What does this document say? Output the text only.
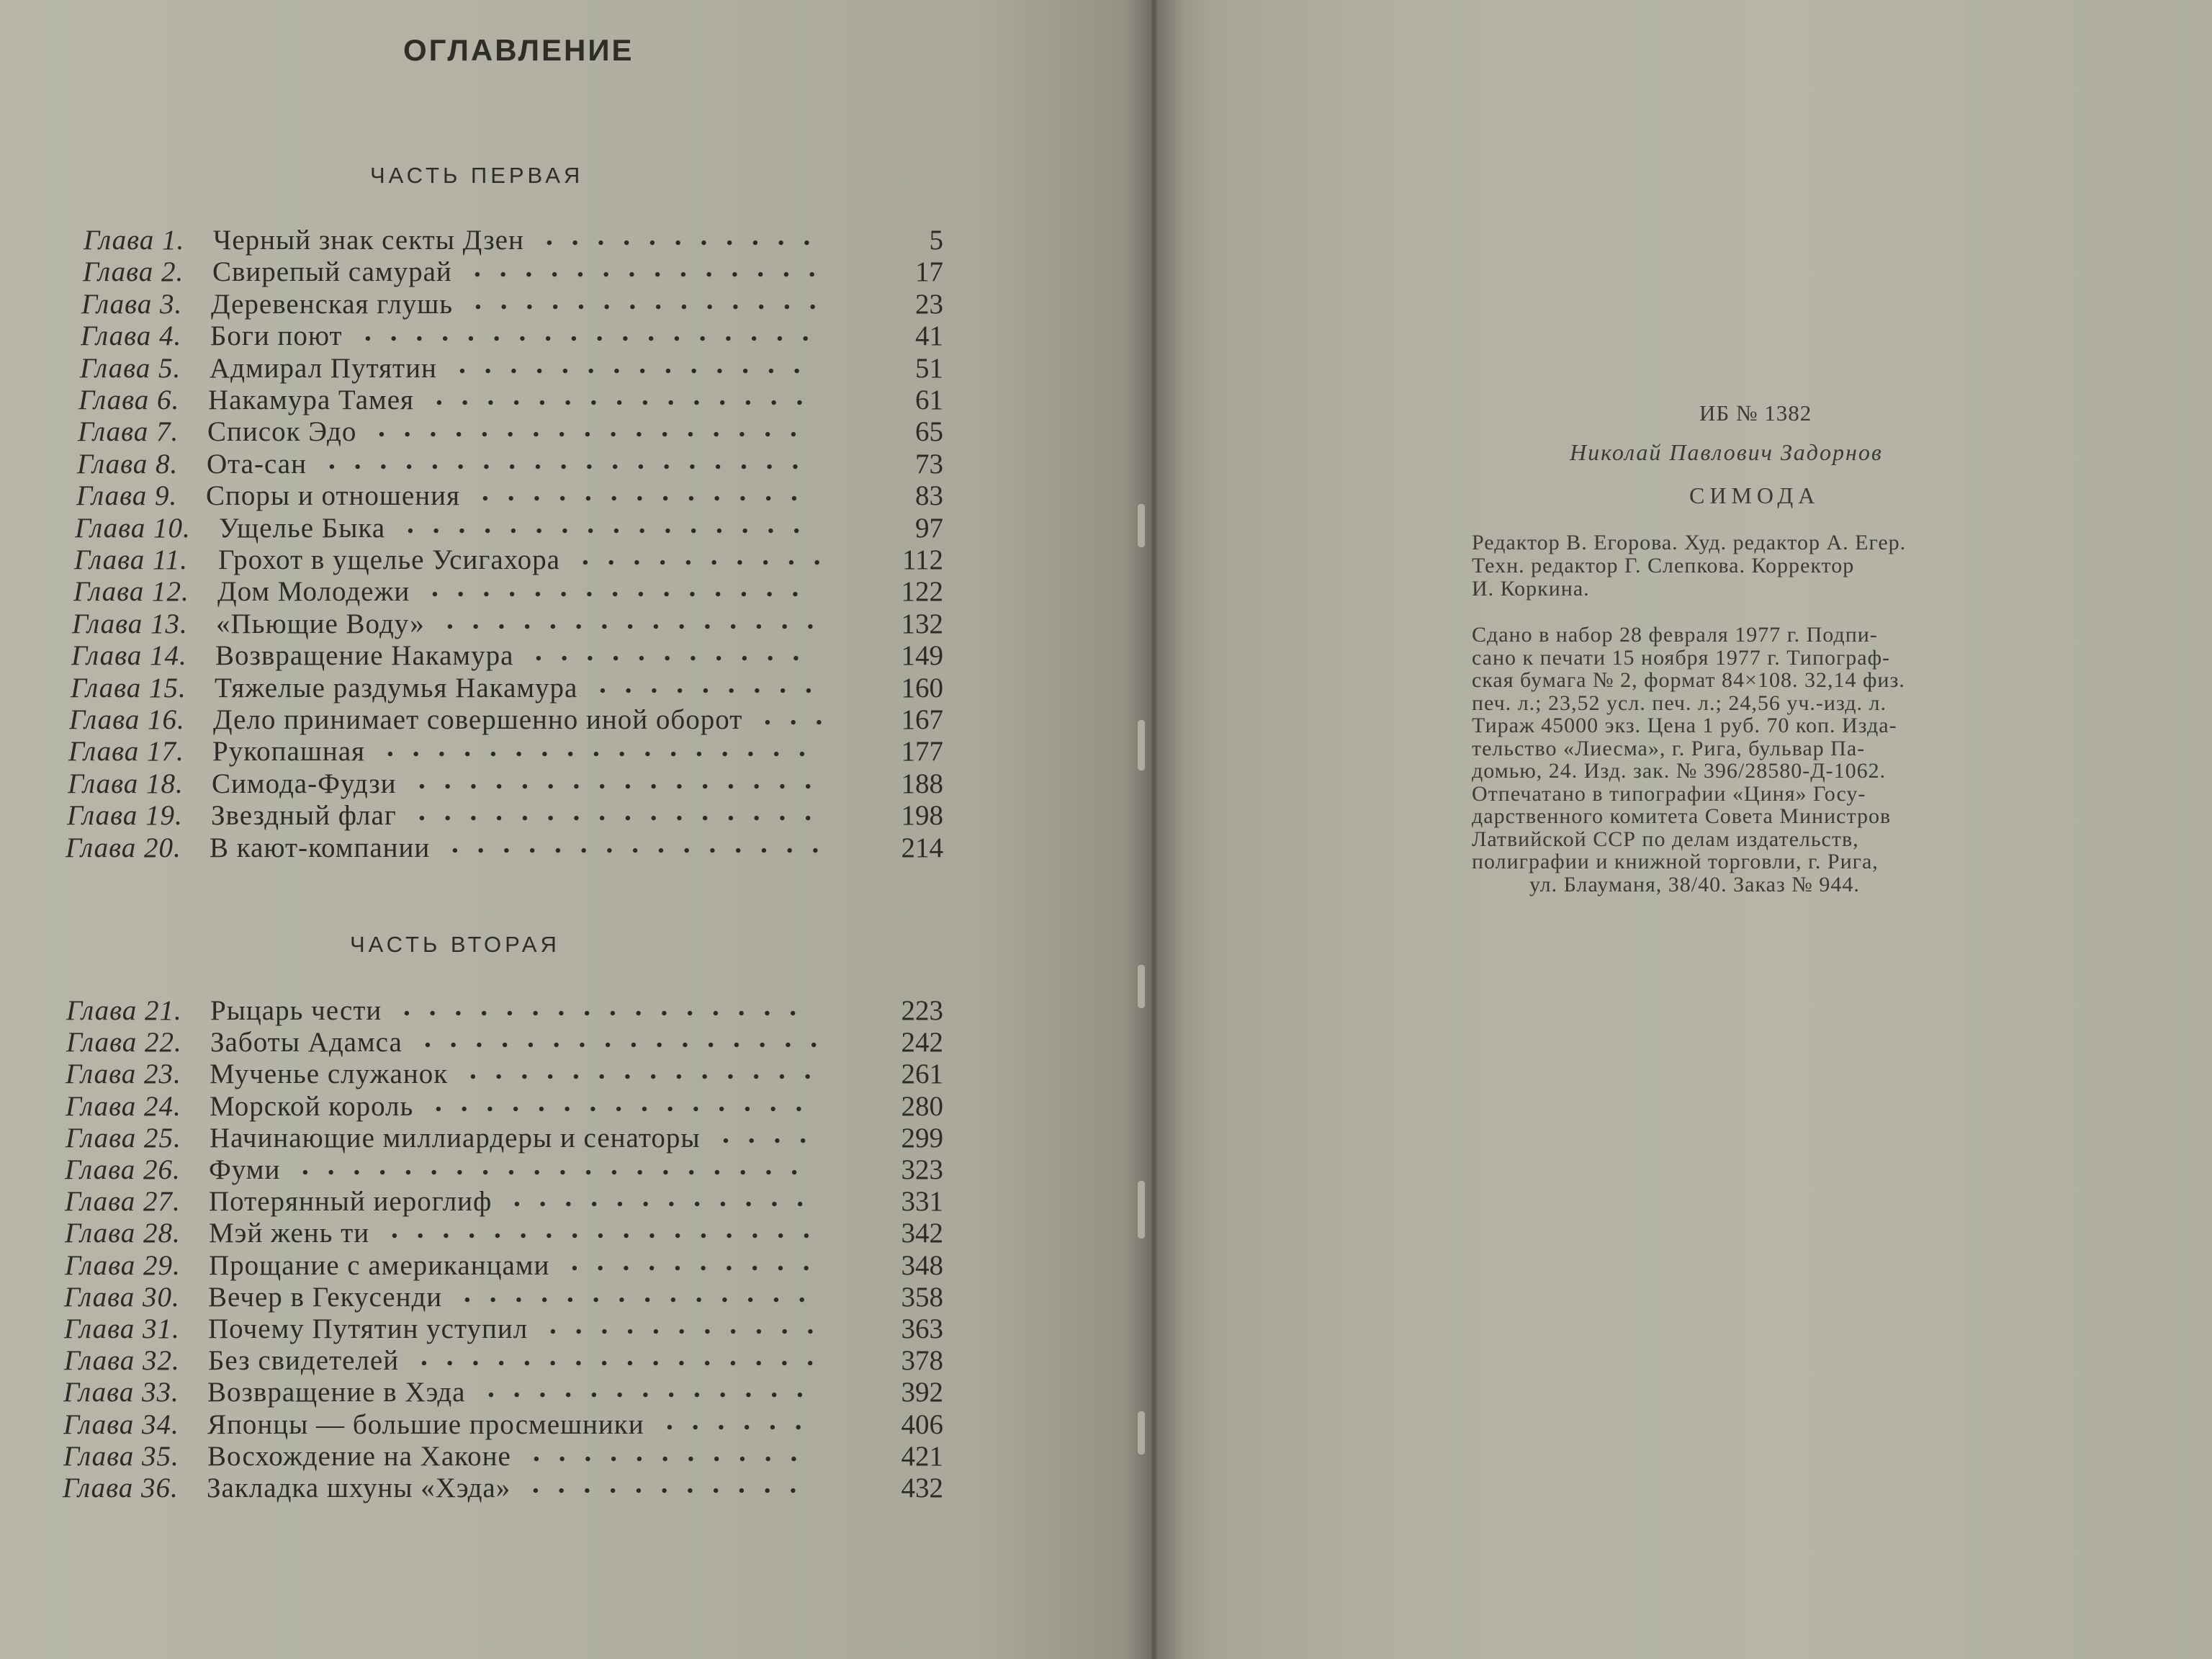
ОГЛАВЛЕНИЕ
ЧАСТЬ ПЕРВАЯ
Глава 1. Черный знак секты Дзен	5
...........
Глава 2. Свирепый самурай	17
..............
Глава 3. Деревенская глушь	23
..............
Глава 4. Боги поют	41
..................
Глава 5. Адмирал Путятин	51
..............
Глава 6. Накамура Тамея	61
...............
Глава 7. Список Эдо	65
.................
Глава 8. Ота-сан	73
...................
Глава 9. Споры и отношения	83
.............
Глава 10. Ущелье Быка	97
................
Глава 11. Грохот в ущелье Усигахора	112
..........
Глава 12. Дом Молодежи	122
...............
Глава 13. «Пьющие Воду»	132
...............
Глава 14. Возвращение Накамура	149
...........
Глава 15. Тяжелые раздумья Накамура	160
.........
Глава 16. Дело принимает совершенно иной оборот	167
...
Глава 17. Рукопашная	177
.................
Глава 18. Симода-Фудзи	188
................
Глава 19. Звездный флаг	198
................
Глава 20. В кают-компании	214
...............
ЧАСТЬ ВТОРАЯ
Глава 21. Рыцарь чести	223
................
Глава 22. Заботы Адамса	242
................
Глава 23. Мученье служанок	261
..............
Глава 24. Морской король	280
...............
Глава 25. Начинающие миллиардеры и сенаторы	299
....
Глава 26. Фуми	323
....................
Глава 27. Потерянный иероглиф	331
............
Глава 28. Мэй жень ти	342
.................
Глава 29. Прощание с американцами	348
..........
Глава 30. Вечер в Гекусенди	358
..............
Глава 31. Почему Путятин уступил	363
...........
Глава 32. Без свидетелей	378
................
Глава 33. Возвращение в Хэда	392
.............
Глава 34. Японцы — большие просмешники	406
......
Глава 35. Восхождение на Хаконе	421
...........
Глава 36. Закладка шхуны «Хэда»	432
...........
ИБ № 1382
Николай Павлович Задорнов
СИМОДА
Редактор В. Егорова. Худ. редактор А. Егер.
Техн. редактор Г. Слепкова. Корректор
И. Коркина.
Сдано в набор 28 февраля 1977 г. Подпи-
сано к печати 15 ноября 1977 г. Типограф-
ская бумага № 2, формат 84×108. 32,14 физ.
печ. л.; 23,52 усл. печ. л.; 24,56 уч.-изд. л.
Тираж 45000 экз. Цена 1 руб. 70 коп. Изда-
тельство «Лиесма», г. Рига, бульвар Па-
домью, 24. Изд. зак. № 396/28580-Д-1062.
Отпечатано в типографии «Циня» Госу-
дарственного комитета Совета Министров
Латвийской ССР по делам издательств,
полиграфии и книжной торговли, г. Рига,
ул. Блауманя, 38/40. Заказ № 944.
